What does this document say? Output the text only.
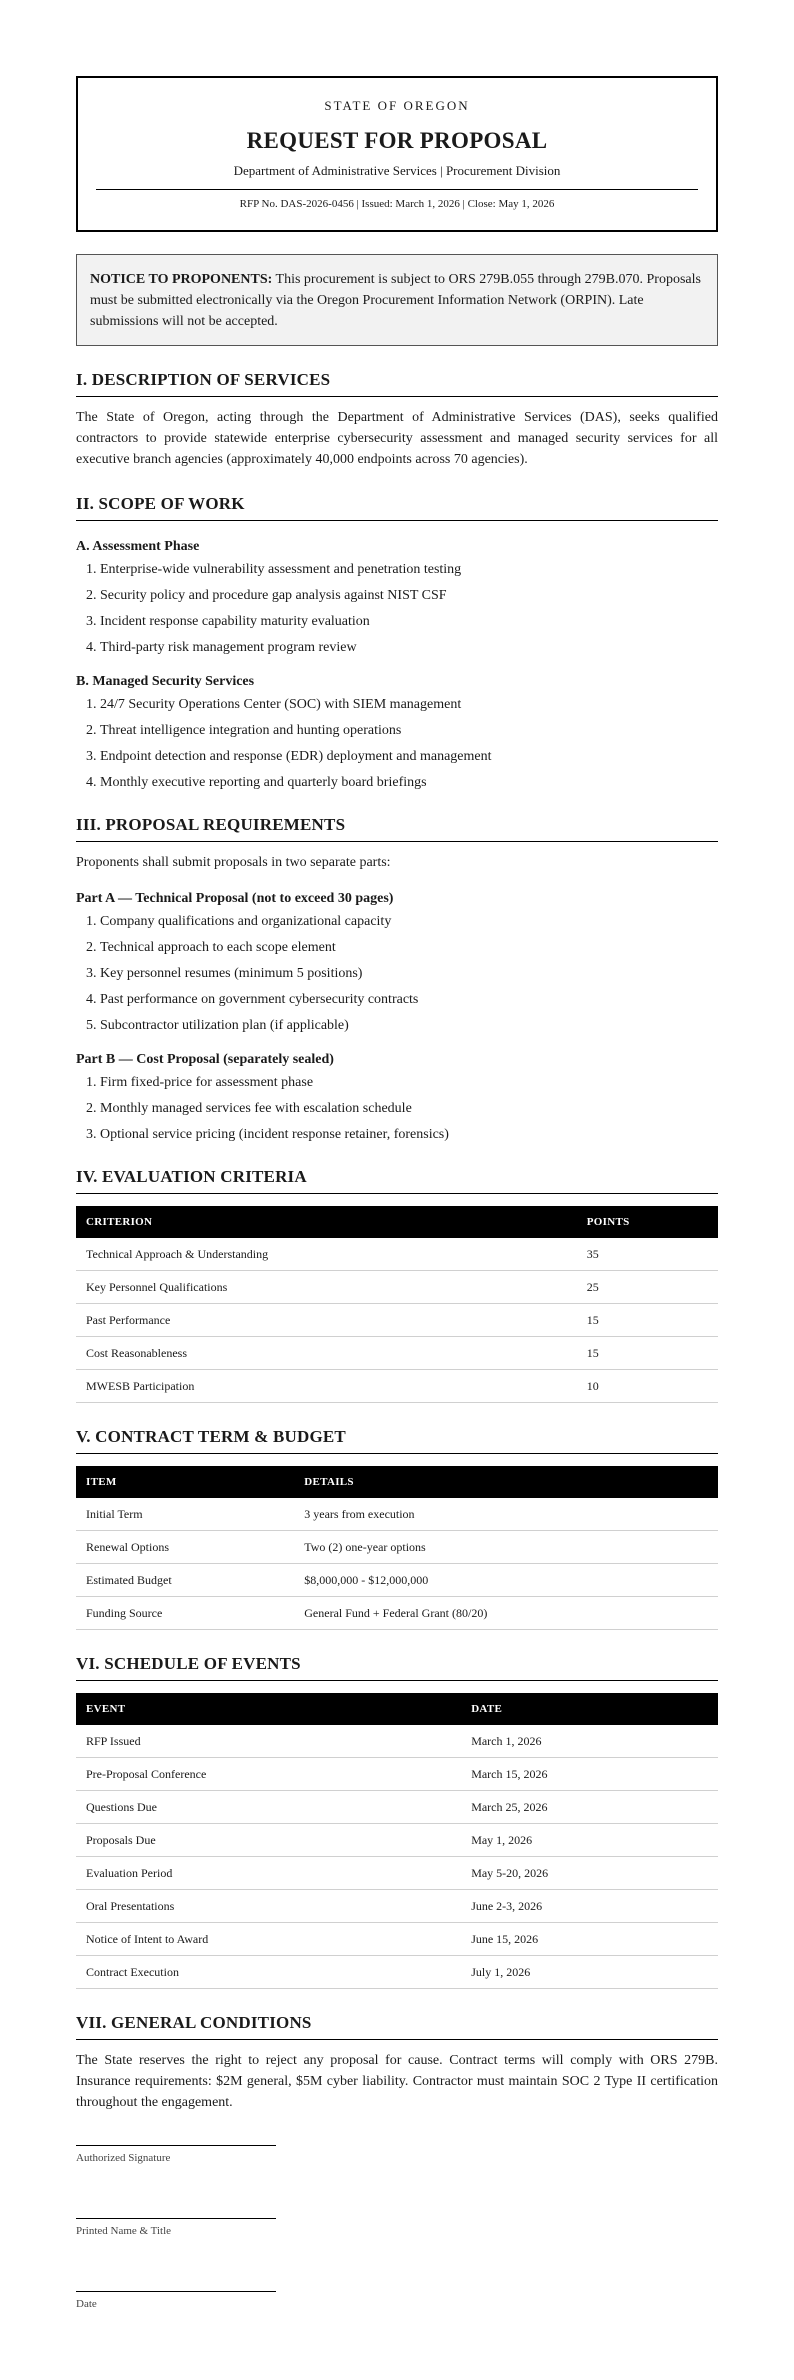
STATE OF OREGON
REQUEST FOR PROPOSAL
Department of Administrative Services | Procurement Division
RFP No. DAS-2026-0456 | Issued: March 1, 2026 | Close: May 1, 2026
NOTICE TO PROPONENTS: This procurement is subject to ORS 279B.055 through 279B.070. Proposals must be submitted electronically via the Oregon Procurement Information Network (ORPIN). Late submissions will not be accepted.
I. DESCRIPTION OF SERVICES

The State of Oregon, acting through the Department of Administrative Services (DAS), seeks qualified contractors to provide statewide enterprise cybersecurity assessment and managed security services for all executive branch agencies (approximately 40,000 endpoints across 70 agencies).

II. SCOPE OF WORK
A. Assessment Phase
1. Enterprise-wide vulnerability assessment and penetration testing
2. Security policy and procedure gap analysis against NIST CSF
3. Incident response capability maturity evaluation
4. Third-party risk management program review
B. Managed Security Services
1. 24/7 Security Operations Center (SOC) with SIEM management
2. Threat intelligence integration and hunting operations
3. Endpoint detection and response (EDR) deployment and management
4. Monthly executive reporting and quarterly board briefings
III. PROPOSAL REQUIREMENTS

Proponents shall submit proposals in two separate parts:

Part A — Technical Proposal (not to exceed 30 pages)
1. Company qualifications and organizational capacity
2. Technical approach to each scope element
3. Key personnel resumes (minimum 5 positions)
4. Past performance on government cybersecurity contracts
5. Subcontractor utilization plan (if applicable)
Part B — Cost Proposal (separately sealed)
1. Firm fixed-price for assessment phase
2. Monthly managed services fee with escalation schedule
3. Optional service pricing (incident response retainer, forensics)
IV. EVALUATION CRITERIA
CRITERION	POINTS
Technical Approach & Understanding	35
Key Personnel Qualifications	25
Past Performance	15
Cost Reasonableness	15
MWESB Participation	10
V. CONTRACT TERM & BUDGET
ITEM	DETAILS
Initial Term	3 years from execution
Renewal Options	Two (2) one-year options
Estimated Budget	$8,000,000 - $12,000,000
Funding Source	General Fund + Federal Grant (80/20)
VI. SCHEDULE OF EVENTS
EVENT	DATE
RFP Issued	March 1, 2026
Pre-Proposal Conference	March 15, 2026
Questions Due	March 25, 2026
Proposals Due	May 1, 2026
Evaluation Period	May 5-20, 2026
Oral Presentations	June 2-3, 2026
Notice of Intent to Award	June 15, 2026
Contract Execution	July 1, 2026
VII. GENERAL CONDITIONS

The State reserves the right to reject any proposal for cause. Contract terms will comply with ORS 279B. Insurance requirements: $2M general, $5M cyber liability. Contractor must maintain SOC 2 Type II certification throughout the engagement.

Authorized Signature
Printed Name & Title
Date
